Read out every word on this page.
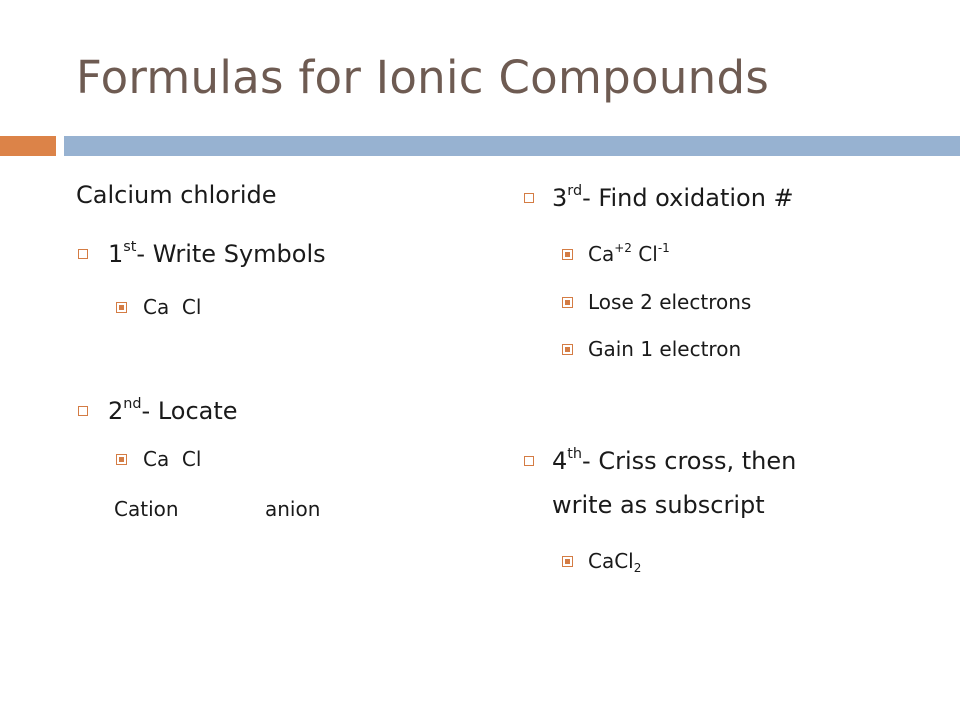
Formulas for Ionic Compounds
Calcium chloride
1st- Write Symbols
Ca  Cl
2nd- Locate
Ca  Cl
Cation	anion
3rd- Find oxidation #
$Ca^{+2}$ $Cl^{-1}$
Lose 2 electrons
Gain 1 electron
4th- Criss cross, then
write as subscript
CaCl$_2$
